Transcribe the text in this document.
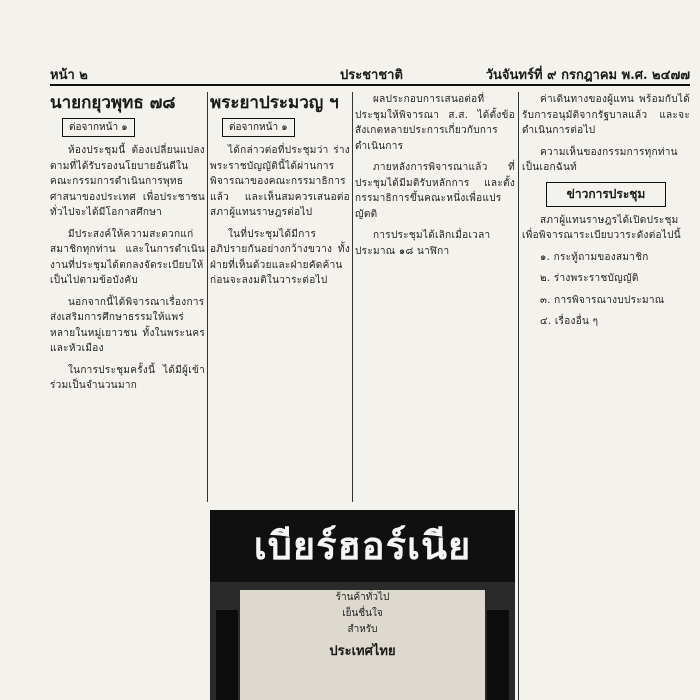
หน้า ๒	ประชาชาติ	วันจันทร์ที่ ๙ กรกฎาคม พ.ศ. ๒๔๗๗
นายกยุวพุทธ ๗๘
ต่อจากหน้า ๑

ห้องประชุมนี้ ต้องเปลี่ยนแปลงตามที่ได้รับรองนโยบายอันดีในคณะกรรมการดำเนินการพุทธศาสนาของประเทศ เพื่อประชาชนทั่วไปจะได้มีโอกาสศึกษา

มีประสงค์ให้ความสะดวกแก่สมาชิกทุกท่าน และในการดำเนินงานที่ประชุมได้ตกลงจัดระเบียบให้เป็นไปตามข้อบังคับ

นอกจากนี้ได้พิจารณาเรื่องการส่งเสริมการศึกษาธรรมให้แพร่หลายในหมู่เยาวชน ทั้งในพระนครและหัวเมือง

ในการประชุมครั้งนี้ ได้มีผู้เข้าร่วมเป็นจำนวนมาก

พระยาประมวญ ฯ
ต่อจากหน้า ๑

ได้กล่าวต่อที่ประชุมว่า ร่างพระราชบัญญัตินี้ได้ผ่านการพิจารณาของคณะกรรมาธิการแล้ว และเห็นสมควรเสนอต่อสภาผู้แทนราษฎรต่อไป

ในที่ประชุมได้มีการอภิปรายกันอย่างกว้างขวาง ทั้งฝ่ายที่เห็นด้วยและฝ่ายคัดค้าน ก่อนจะลงมติในวาระต่อไป

ผลประกอบการเสนอต่อที่ประชุมให้พิจารณา ส.ส. ได้ตั้งข้อสังเกตหลายประการเกี่ยวกับการดำเนินการ

ภายหลังการพิจารณาแล้ว ที่ประชุมได้มีมติรับหลักการ และตั้งกรรมาธิการขึ้นคณะหนึ่งเพื่อแปรญัตติ

การประชุมได้เลิกเมื่อเวลาประมาณ ๑๘ นาฬิกา

ค่าเดินทางของผู้แทน พร้อมกับได้รับการอนุมัติจากรัฐบาลแล้ว และจะดำเนินการต่อไป

ความเห็นของกรรมการทุกท่านเป็นเอกฉันท์

ข่าวการประชุม

สภาผู้แทนราษฎรได้เปิดประชุมเพื่อพิจารณาระเบียบวาระดังต่อไปนี้

๑. กระทู้ถามของสมาชิก

๒. ร่างพระราชบัญญัติ

๓. การพิจารณางบประมาณ

๔. เรื่องอื่น ๆ

เบียร์ฮอร์เนีย
ร้านค้าทั่วไป
เย็นชื่นใจ
สำหรับ
ประเทศไทย
